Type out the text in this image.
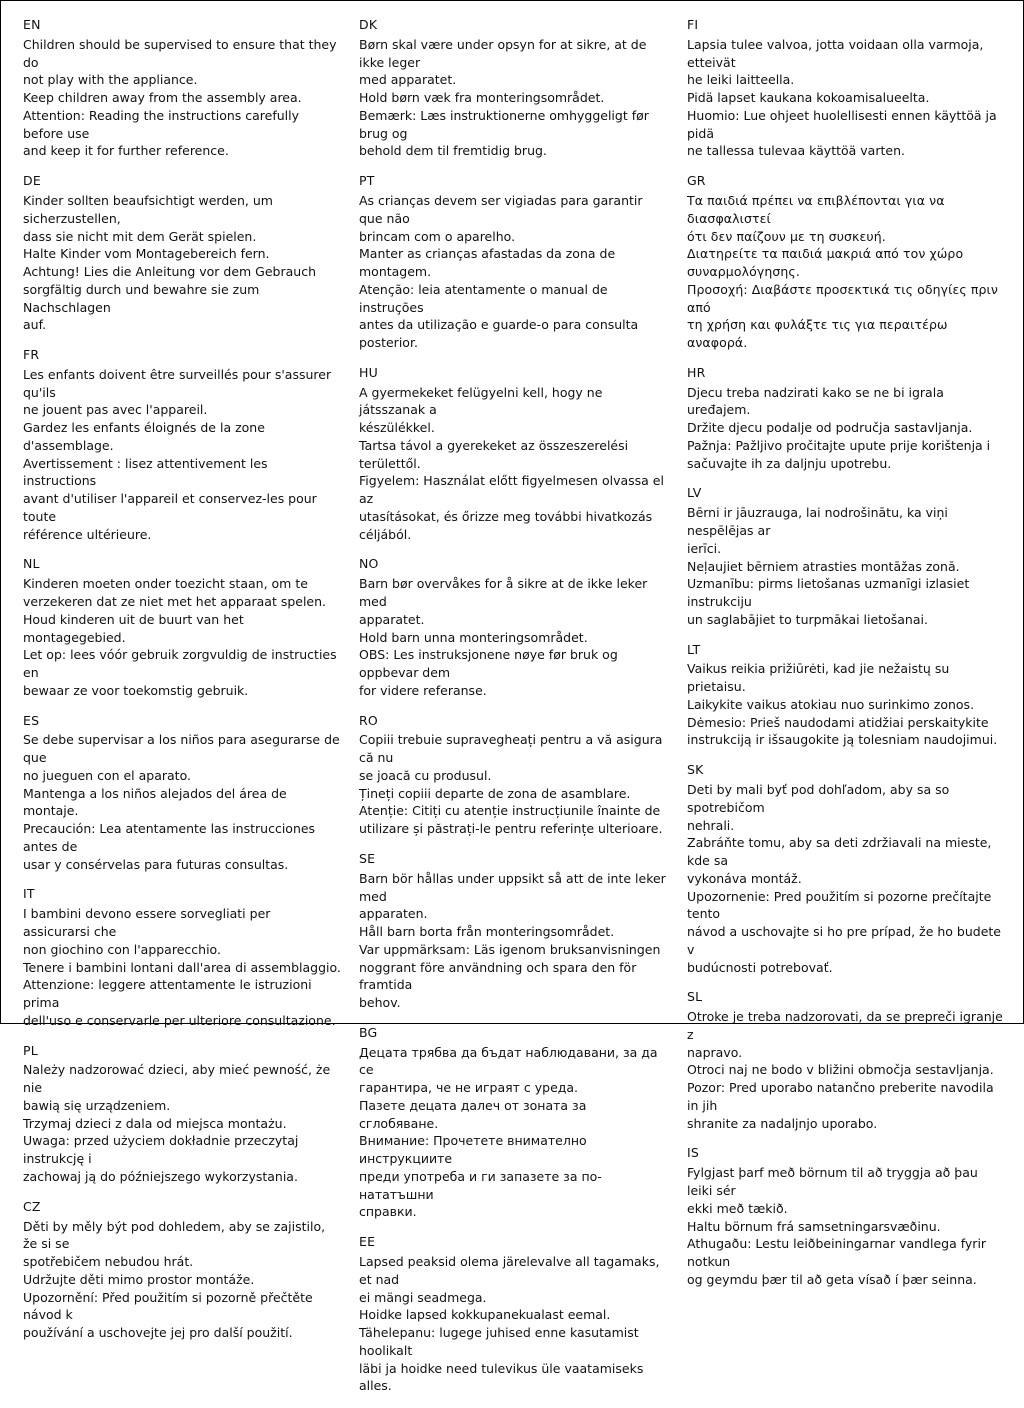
EN
Children should be supervised to ensure that they do
not play with the appliance.
Keep children away from the assembly area.
Attention: Reading the instructions carefully before use
and keep it for further reference.
DE
Kinder sollten beaufsichtigt werden, um sicherzustellen,
dass sie nicht mit dem Gerät spielen.
Halte Kinder vom Montagebereich fern.
Achtung! Lies die Anleitung vor dem Gebrauch
sorgfältig durch und bewahre sie zum Nachschlagen
auf.
FR
Les enfants doivent être surveillés pour s'assurer qu'ils
ne jouent pas avec l'appareil.
Gardez les enfants éloignés de la zone d'assemblage.
Avertissement : lisez attentivement les instructions
avant d'utiliser l'appareil et conservez-les pour toute
référence ultérieure.
NL
Kinderen moeten onder toezicht staan, om te
verzekeren dat ze niet met het apparaat spelen.
Houd kinderen uit de buurt van het montagegebied.
Let op: lees vóór gebruik zorgvuldig de instructies en
bewaar ze voor toekomstig gebruik.
ES
Se debe supervisar a los niños para asegurarse de que
no jueguen con el aparato.
Mantenga a los niños alejados del área de montaje.
Precaución: Lea atentamente las instrucciones antes de
usar y consérvelas para futuras consultas.
IT
I bambini devono essere sorvegliati per assicurarsi che
non giochino con l'apparecchio.
Tenere i bambini lontani dall'area di assemblaggio.
Attenzione: leggere attentamente le istruzioni prima
dell'uso e conservarle per ulteriore consultazione.
PL
Należy nadzorować dzieci, aby mieć pewność, że nie
bawią się urządzeniem.
Trzymaj dzieci z dala od miejsca montażu.
Uwaga: przed użyciem dokładnie przeczytaj instrukcję i
zachowaj ją do późniejszego wykorzystania.
CZ
Děti by měly být pod dohledem, aby se zajistilo, že si se
spotřebičem nebudou hrát.
Udržujte děti mimo prostor montáže.
Upozornění: Před použitím si pozorně přečtěte návod k
používání a uschovejte jej pro další použití.
DK
Børn skal være under opsyn for at sikre, at de ikke leger
med apparatet.
Hold børn væk fra monteringsområdet.
Bemærk: Læs instruktionerne omhyggeligt før brug og
behold dem til fremtidig brug.
PT
As crianças devem ser vigiadas para garantir que não
brincam com o aparelho.
Manter as crianças afastadas da zona de montagem.
Atenção: leia atentamente o manual de instruções
antes da utilização e guarde-o para consulta posterior.
HU
A gyermekeket felügyelni kell, hogy ne játsszanak a
készülékkel.
Tartsa távol a gyerekeket az összeszerelési területtől.
Figyelem: Használat előtt figyelmesen olvassa el az
utasításokat, és őrizze meg további hivatkozás céljából.
NO
Barn bør overvåkes for å sikre at de ikke leker med
apparatet.
Hold barn unna monteringsområdet.
OBS: Les instruksjonene nøye før bruk og oppbevar dem
for videre referanse.
RO
Copiii trebuie supravegheați pentru a vă asigura că nu
se joacă cu produsul.
Țineți copiii departe de zona de asamblare.
Atenție: Citiți cu atenție instrucțiunile înainte de
utilizare și păstrați-le pentru referințe ulterioare.
SE
Barn bör hållas under uppsikt så att de inte leker med
apparaten.
Håll barn borta från monteringsområdet.
Var uppmärksam: Läs igenom bruksanvisningen
noggrant före användning och spara den för framtida
behov.
BG
Децата трябва да бъдат наблюдавани, за да се
гарантира, че не играят с уреда.
Пазете децата далеч от зоната за сглобяване.
Внимание: Прочетете внимателно инструкциите
преди употреба и ги запазете за по-нататъшни
справки.
EE
Lapsed peaksid olema järelevalve all tagamaks, et nad
ei mängi seadmega.
Hoidke lapsed kokkupanekualast eemal.
Tähelepanu: lugege juhised enne kasutamist hoolikalt
läbi ja hoidke need tulevikus üle vaatamiseks alles.
FI
Lapsia tulee valvoa, jotta voidaan olla varmoja, etteivät
he leiki laitteella.
Pidä lapset kaukana kokoamisalueelta.
Huomio: Lue ohjeet huolellisesti ennen käyttöä ja pidä
ne tallessa tulevaa käyttöä varten.
GR
Τα παιδιά πρέπει να επιβλέπονται για να διασφαλιστεί
ότι δεν παίζουν με τη συσκευή.
Διατηρείτε τα παιδιά μακριά από τον χώρο
συναρμολόγησης.
Προσοχή: Διαβάστε προσεκτικά τις οδηγίες πριν από
τη χρήση και φυλάξτε τις για περαιτέρω αναφορά.
HR
Djecu treba nadzirati kako se ne bi igrala uređajem.
Držite djecu podalje od područja sastavljanja.
Pažnja: Pažljivo pročitajte upute prije korištenja i
sačuvajte ih za daljnju upotrebu.
LV
Bērni ir jāuzrauga, lai nodrošinātu, ka viņi nespēlējas ar
ierīci.
Neļaujiet bērniem atrasties montāžas zonā.
Uzmanību: pirms lietošanas uzmanīgi izlasiet instrukciju
un saglabājiet to turpmākai lietošanai.
LT
Vaikus reikia prižiūrėti, kad jie nežaistų su prietaisu.
Laikykite vaikus atokiau nuo surinkimo zonos.
Dėmesio: Prieš naudodami atidžiai perskaitykite
instrukciją ir išsaugokite ją tolesniam naudojimui.
SK
Deti by mali byť pod dohľadom, aby sa so spotrebičom
nehrali.
Zabráňte tomu, aby sa deti zdržiavali na mieste, kde sa
vykonáva montáž.
Upozornenie: Pred použitím si pozorne prečítajte tento
návod a uschovajte si ho pre prípad, že ho budete v
budúcnosti potrebovať.
SL
Otroke je treba nadzorovati, da se prepreči igranje z
napravo.
Otroci naj ne bodo v bližini območja sestavljanja.
Pozor: Pred uporabo natančno preberite navodila in jih
shranite za nadaljnjo uporabo.
IS
Fylgjast þarf með börnum til að tryggja að þau leiki sér
ekki með tækið.
Haltu börnum frá samsetningarsvæðinu.
Athugaðu: Lestu leiðbeiningarnar vandlega fyrir notkun
og geymdu þær til að geta vísað í þær seinna.
